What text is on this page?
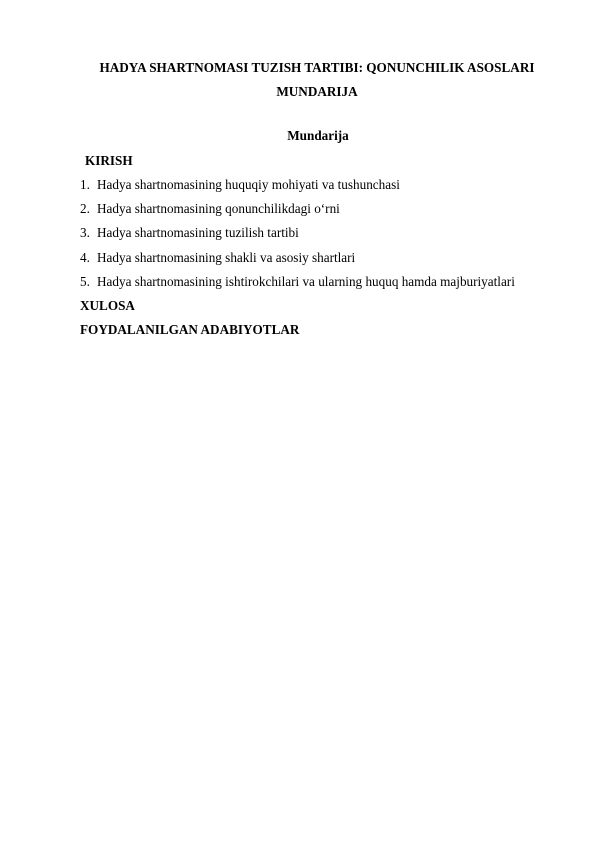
HADYA SHARTNOMASI TUZISH TARTIBI: QONUNCHILIK ASOSLARI
MUNDARIJA
Mundarija
KIRISH
1. Hadya shartnomasining huquqiy mohiyati va tushunchasi
2. Hadya shartnomasining qonunchilikdagi o‘rni
3. Hadya shartnomasining tuzilish tartibi
4. Hadya shartnomasining shakli va asosiy shartlari
5. Hadya shartnomasining ishtirokchilari va ularning huquq hamda majburiyatlari
XULOSA
FOYDALANILGAN ADABIYOTLAR
